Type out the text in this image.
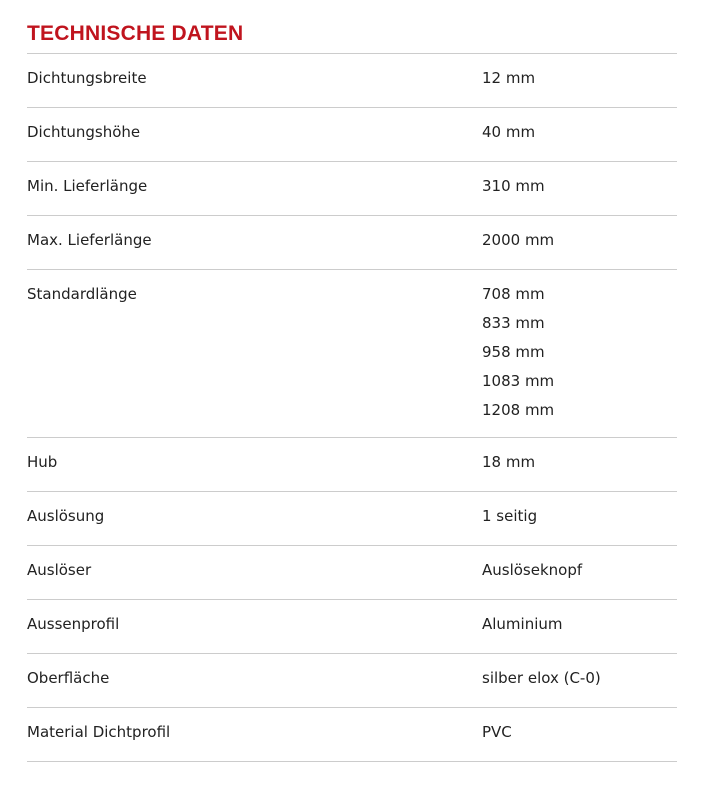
TECHNISCHE DATEN
Dichtungsbreite	12 mm
Dichtungshöhe	40 mm
Min. Lieferlänge	310 mm
Max. Lieferlänge	2000 mm
Standardlänge	708 mm
833 mm
958 mm
1083 mm
1208 mm
Hub	18 mm
Auslösung	1 seitig
Auslöser	Auslöseknopf
Aussenprofil	Aluminium
Oberfläche	silber elox (C-0)
Material Dichtprofil	PVC
